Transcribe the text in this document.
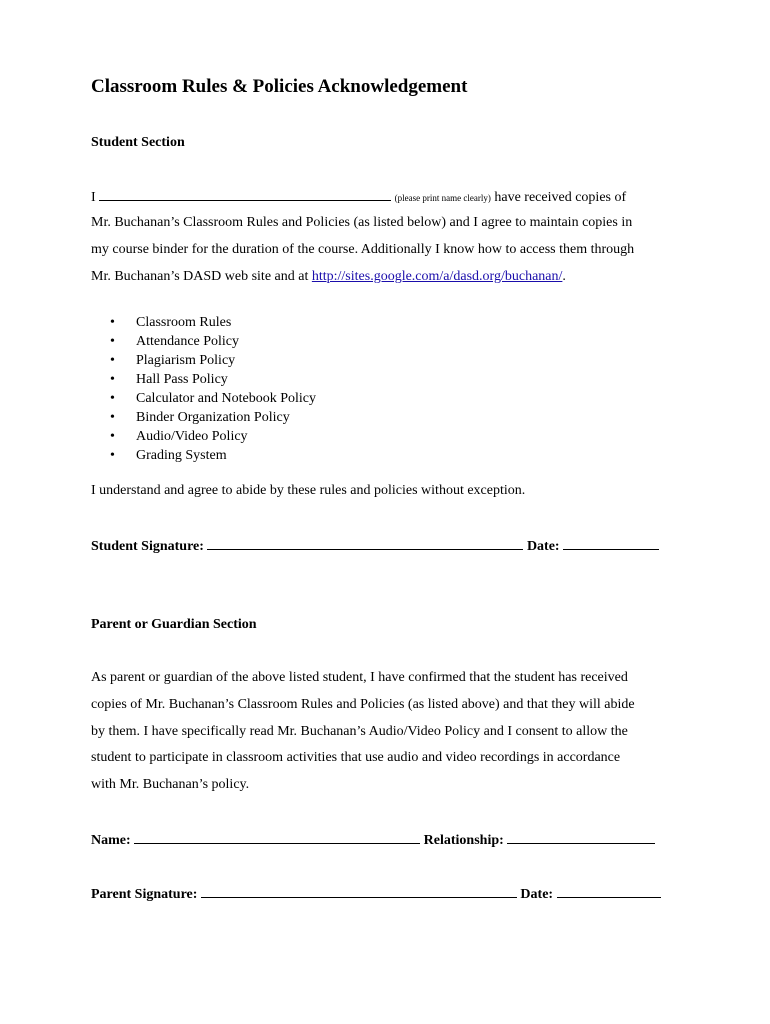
Classroom Rules & Policies Acknowledgement
Student Section
I	(please print name clearly) have received copies of
Mr. Buchanan’s Classroom Rules and Policies (as listed below) and I agree to maintain copies in
my course binder for the duration of the course. Additionally I know how to access them through
Mr. Buchanan’s DASD web site and at http://sites.google.com/a/dasd.org/buchanan/.
• Classroom Rules
• Attendance Policy
• Plagiarism Policy
• Hall Pass Policy
• Calculator and Notebook Policy
• Binder Organization Policy
• Audio/Video Policy
• Grading System
I understand and agree to abide by these rules and policies without exception.
Student Signature:	Date:
Parent or Guardian Section
As parent or guardian of the above listed student, I have confirmed that the student has received
copies of Mr. Buchanan’s Classroom Rules and Policies (as listed above) and that they will abide
by them. I have specifically read Mr. Buchanan’s Audio/Video Policy and I consent to allow the
student to participate in classroom activities that use audio and video recordings in accordance
with Mr. Buchanan’s policy.
Name:	Relationship:
Parent Signature:	Date:
